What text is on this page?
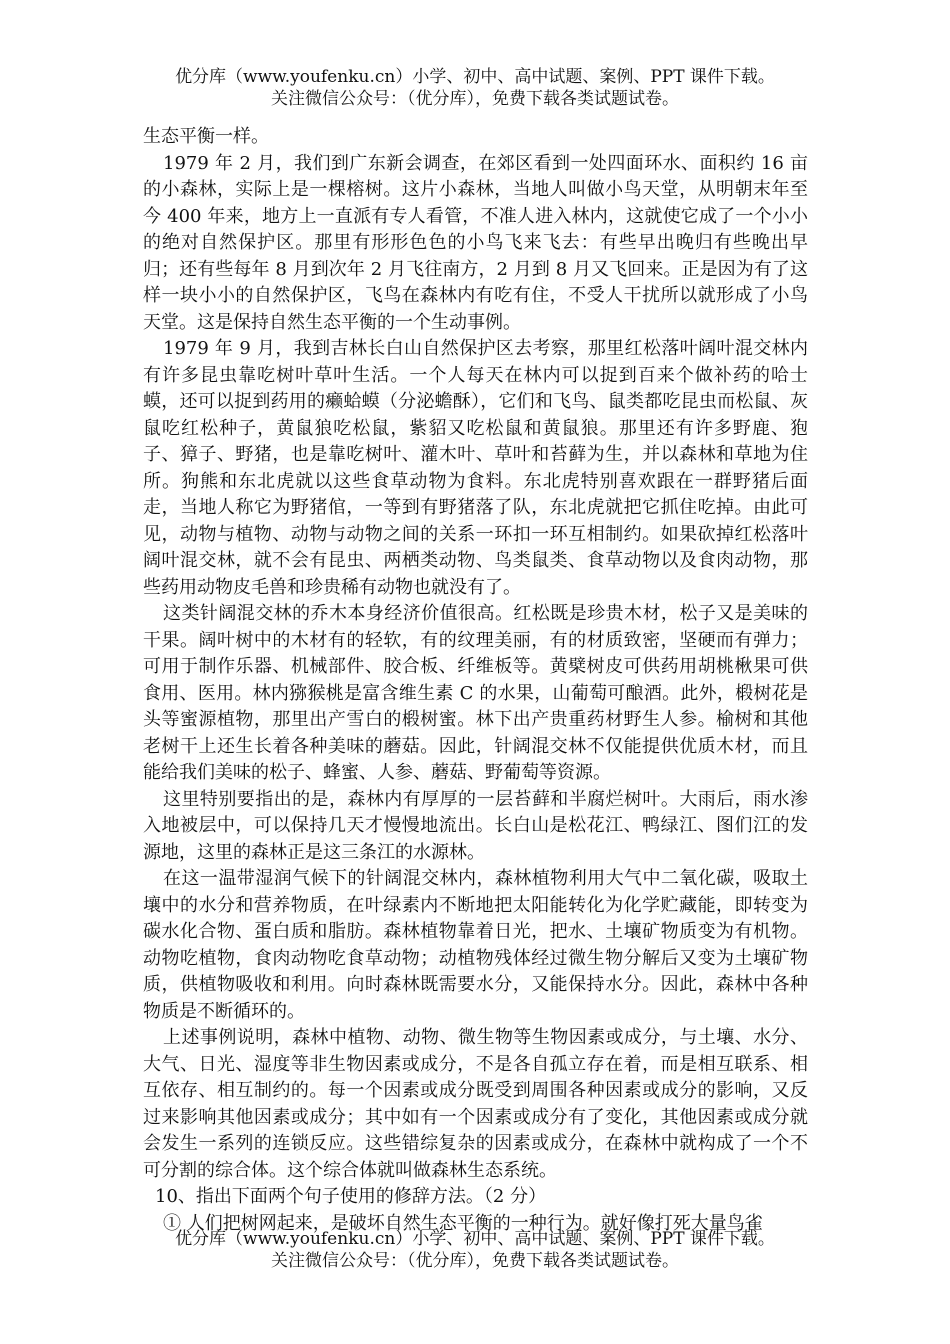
优分库（www.youfenku.cn）小学、初中、高中试题、案例、PPT 课件下载。
关注微信公众号：（优分库），免费下载各类试题试卷。

生态平衡一样。

1979 年 2 月，我们到广东新会调查，在郊区看到一处四面环水、面积约 16 亩的小森林，实际上是一棵榕树。这片小森林，当地人叫做小鸟天堂，从明朝末年至今 400 年来，地方上一直派有专人看管，不准人进入林内，这就使它成了一个小小的绝对自然保护区。那里有形形色色的小鸟飞来飞去：有些早出晚归有些晚出早归；还有些每年 8 月到次年 2 月飞往南方，2 月到 8 月又飞回来。正是因为有了这样一块小小的自然保护区，飞鸟在森林内有吃有住，不受人干扰所以就形成了小鸟天堂。这是保持自然生态平衡的一个生动事例。

1979 年 9 月，我到吉林长白山自然保护区去考察，那里红松落叶阔叶混交林内有许多昆虫靠吃树叶草叶生活。一个人每天在林内可以捉到百来个做补药的哈士蟆，还可以捉到药用的癞蛤蟆（分泌蟾酥），它们和飞鸟、鼠类都吃昆虫而松鼠、灰鼠吃红松种子，黄鼠狼吃松鼠，紫貂又吃松鼠和黄鼠狼。那里还有许多野鹿、狍子、獐子、野猪，也是靠吃树叶、灌木叶、草叶和苔藓为生，并以森林和草地为住所。狗熊和东北虎就以这些食草动物为食料。东北虎特别喜欢跟在一群野猪后面走，当地人称它为野猪倌，一等到有野猪落了队，东北虎就把它抓住吃掉。由此可见，动物与植物、动物与动物之间的关系一环扣一环互相制约。如果砍掉红松落叶阔叶混交林，就不会有昆虫、两栖类动物、鸟类鼠类、食草动物以及食肉动物，那些药用动物皮毛兽和珍贵稀有动物也就没有了。

这类针阔混交林的乔木本身经济价值很高。红松既是珍贵木材，松子又是美味的干果。阔叶树中的木材有的轻软，有的纹理美丽，有的材质致密，坚硬而有弹力；可用于制作乐器、机械部件、胶合板、纤维板等。黄檗树皮可供药用胡桃楸果可供食用、医用。林内猕猴桃是富含维生素 C 的水果，山葡萄可酿酒。此外，椴树花是头等蜜源植物，那里出产雪白的椴树蜜。林下出产贵重药材野生人参。榆树和其他老树干上还生长着各种美味的蘑菇。因此，针阔混交林不仅能提供优质木材，而且能给我们美味的松子、蜂蜜、人参、蘑菇、野葡萄等资源。

这里特别要指出的是，森林内有厚厚的一层苔藓和半腐烂树叶。大雨后，雨水渗入地被层中，可以保持几天才慢慢地流出。长白山是松花江、鸭绿江、图们江的发源地，这里的森林正是这三条江的水源林。

在这一温带湿润气候下的针阔混交林内，森林植物利用大气中二氧化碳，吸取土壤中的水分和营养物质，在叶绿素内不断地把太阳能转化为化学贮藏能，即转变为碳水化合物、蛋白质和脂肪。森林植物靠着日光，把水、土壤矿物质变为有机物。动物吃植物，食肉动物吃食草动物；动植物残体经过微生物分解后又变为土壤矿物质，供植物吸收和利用。向时森林既需要水分，又能保持水分。因此，森林中各种物质是不断循环的。

上述事例说明，森林中植物、动物、微生物等生物因素或成分，与土壤、水分、大气、日光、湿度等非生物因素或成分，不是各自孤立存在着，而是相互联系、相互依存、相互制约的。每一个因素或成分既受到周围各种因素或成分的影响，又反过来影响其他因素或成分；其中如有一个因素或成分有了变化，其他因素或成分就会发生一系列的连锁反应。这些错综复杂的因素或成分，在森林中就构成了一个不可分割的综合体。这个综合体就叫做森林生态系统。

10、指出下面两个句子使用的修辞方法。（2 分）

① 人们把树网起来，是破坏自然生态平衡的一种行为。就好像打死大量鸟雀

优分库（www.youfenku.cn）小学、初中、高中试题、案例、PPT 课件下载。
关注微信公众号：（优分库），免费下载各类试题试卷。
